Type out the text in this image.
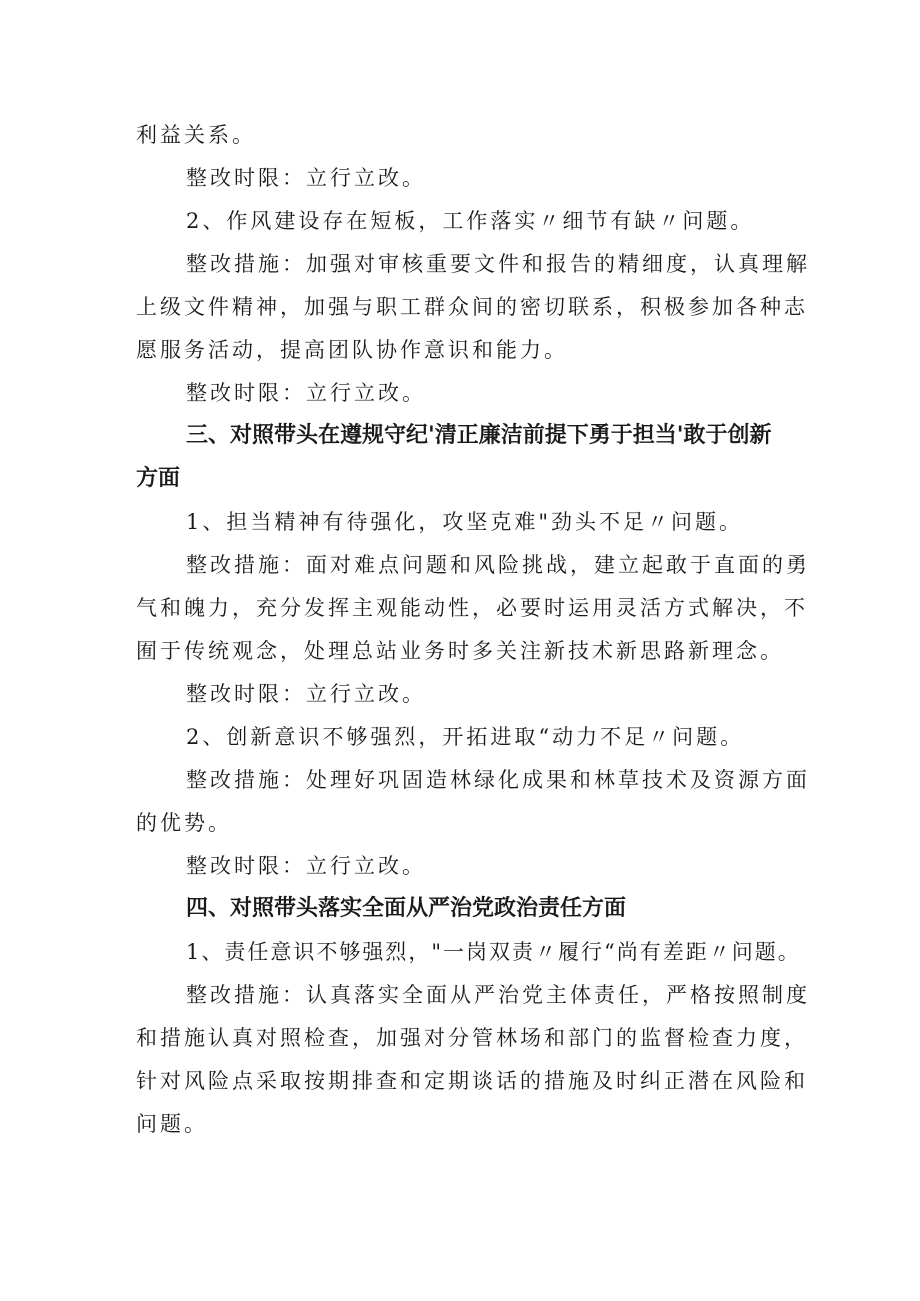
利益关系。
整改时限：立行立改。
2、作风建设存在短板，工作落实〃细节有缺〃问题。
整改措施：加强对审核重要文件和报告的精细度，认真理解
上级文件精神，加强与职工群众间的密切联系，积极参加各种志
愿服务活动，提高团队协作意识和能力。
整改时限：立行立改。
三、对照带头在遵规守纪'清正廉洁前提下勇于担当'敢于创新
方面
1、担当精神有待强化，攻坚克难"劲头不足〃问题。
整改措施：面对难点问题和风险挑战，建立起敢于直面的勇
气和魄力，充分发挥主观能动性，必要时运用灵活方式解决，不
囿于传统观念，处理总站业务时多关注新技术新思路新理念。
整改时限：立行立改。
2、创新意识不够强烈，开拓进取“动力不足〃问题。
整改措施：处理好巩固造林绿化成果和林草技术及资源方面
的优势。
整改时限：立行立改。
四、对照带头落实全面从严治党政治责任方面
1、责任意识不够强烈，"一岗双责〃履行“尚有差距〃问题。
整改措施：认真落实全面从严治党主体责任，严格按照制度
和措施认真对照检查，加强对分管林场和部门的监督检查力度，
针对风险点采取按期排查和定期谈话的措施及时纠正潜在风险和
问题。
